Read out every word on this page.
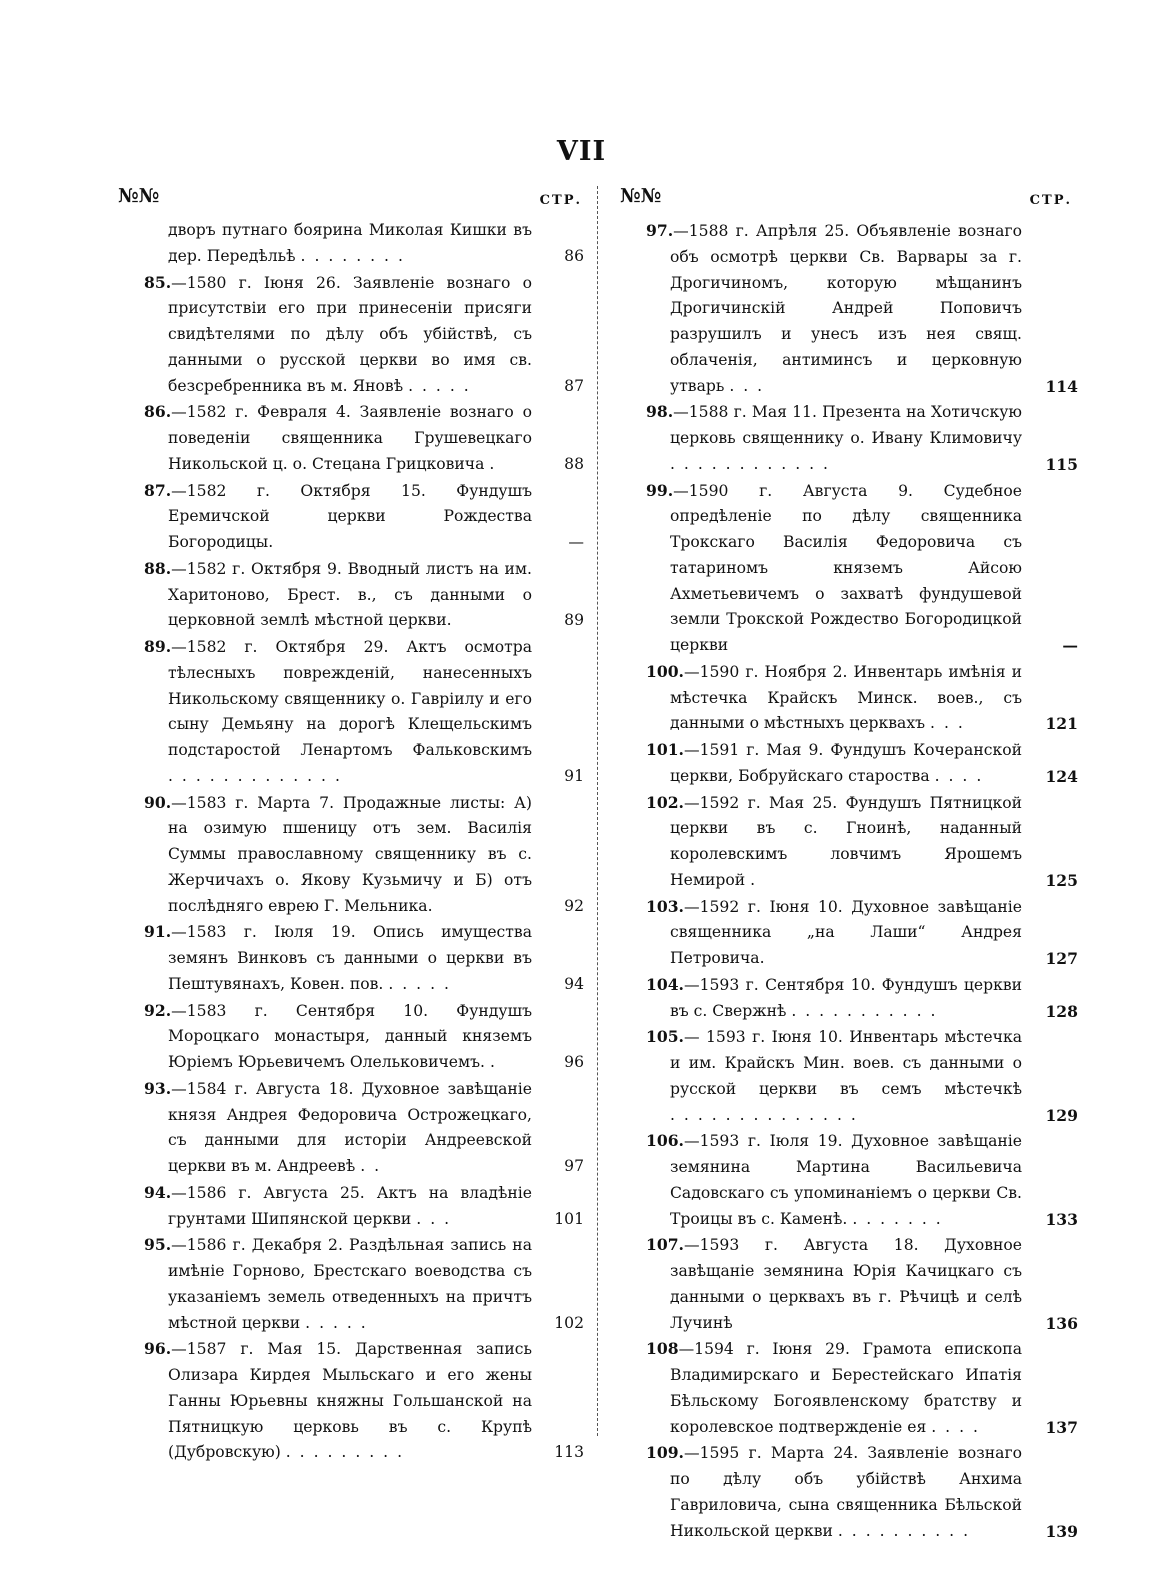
VII
№№	СТР.
дворъ путнаго боярина Миколая Кишки въ дер. Передѣльѣ . . . . . . . .	86
85.—1580 г. Іюня 26. Заявленіе вознаго о присутствіи его при принесеніи присяги свидѣтелями по дѣлу объ убійствѣ, съ данными о русской церкви во имя св. безсребренника въ м. Яновѣ . . . . .	87
86.—1582 г. Февраля 4. Заявленіе вознаго о поведеніи священника Грушевецкаго Никольской ц. о. Стецана Грицковича .	88
87.—1582 г. Октября 15. Фундушъ Еремичской церкви Рождества Богородицы.	—
88.—1582 г. Октября 9. Вводный листъ на им. Харитоново, Брест. в., съ данными о церковной землѣ мѣстной церкви.	89
89.—1582 г. Октября 29. Актъ осмотра тѣлесныхъ поврежденій, нанесенныхъ Никольскому священнику о. Гавріилу и его сыну Демьяну на дорогѣ Клещельскимъ подстаростой Ленартомъ Фальковскимъ . . . . . . . . . . . . .	91
90.—1583 г. Марта 7. Продажные листы: А) на озимую пшеницу отъ зем. Василія Суммы православному священнику въ с. Жерчичахъ о. Якову Кузьмичу и Б) отъ послѣдняго еврею Г. Мельника.	92
91.—1583 г. Іюля 19. Опись имущества земянъ Винковъ съ данными о церкви въ Пештувянахъ, Ковен. пов. . . . . .	94
92.—1583 г. Сентября 10. Фундушъ Мороцкаго монастыря, данный княземъ Юріемъ Юрьевичемъ Олельковичемъ. .	96
93.—1584 г. Августа 18. Духовное завѣщаніе князя Андрея Федоровича Острожецкаго, съ данными для исторіи Андреевской церкви въ м. Андреевѣ . .	97
94.—1586 г. Августа 25. Актъ на владѣніе грунтами Шипянской церкви . . .	101
95.—1586 г. Декабря 2. Раздѣльная запись на имѣніе Горново, Брестскаго воеводства съ указаніемъ земель отведенныхъ на причтъ мѣстной церкви . . . . .	102
96.—1587 г. Мая 15. Дарственная запись Олизара Кирдея Мыльскаго и его жены Ганны Юрьевны княжны Гольшанской на Пятницкую церковь въ с. Крупѣ (Дубровскую) . . . . . . . . .	113
№№	СТР.
97.—1588 г. Апрѣля 25. Объявленіе вознаго объ осмотрѣ церкви Св. Варвары за г. Дрогичиномъ, которую мѣщанинъ Дрогичинскій Андрей Поповичъ разрушилъ и унесъ изъ нея свящ. облаченія, антиминсъ и церковную утварь . . .	114
98.—1588 г. Мая 11. Презента на Хотичскую церковь священнику о. Ивану Климовичу . . . . . . . . . . . .	115
99.—1590 г. Августа 9. Судебное опредѣленіе по дѣлу священника Трокскаго Василія Федоровича съ татариномъ княземъ Айсою Ахметьевичемъ о захватѣ фундушевой земли Трокской Рождество Богородицкой церкви	—
100.—1590 г. Ноября 2. Инвентарь имѣнія и мѣстечка Крайскъ Минск. воев., съ данными о мѣстныхъ церквахъ . . .	121
101.—1591 г. Мая 9. Фундушъ Кочеранской церкви, Бобруйскаго староства . . . .	124
102.—1592 г. Мая 25. Фундушъ Пятницкой церкви въ с. Гноинѣ, наданный королевскимъ ловчимъ Ярошемъ Немирой .	125
103.—1592 г. Іюня 10. Духовное завѣщаніе священника „на Лаши“ Андрея Петровича.	127
104.—1593 г. Сентября 10. Фундушъ церкви въ с. Свержнѣ . . . . . . . . . . .	128
105.— 1593 г. Іюня 10. Инвентарь мѣстечка и им. Крайскъ Мин. воев. съ данными о русской церкви въ семъ мѣстечкѣ . . . . . . . . . . . . . .	129
106.—1593 г. Іюля 19. Духовное завѣщаніе земянина Мартина Васильевича Садовскаго съ упоминаніемъ о церкви Св. Троицы въ с. Каменѣ. . . . . . . .	133
107.—1593 г. Августа 18. Духовное завѣщаніе земянина Юрія Качицкаго съ данными о церквахъ въ г. Рѣчицѣ и селѣ Лучинѣ	136
108—1594 г. Іюня 29. Грамота епископа Владимирскаго и Берестейскаго Ипатія Бѣльскому Богоявленскому братству и королевское подтвержденіе ея . . . .	137
109.—1595 г. Марта 24. Заявленіе вознаго по дѣлу объ убійствѣ Анхима Гавриловича, сына священника Бѣльской Никольской церкви . . . . . . . . . .	139
